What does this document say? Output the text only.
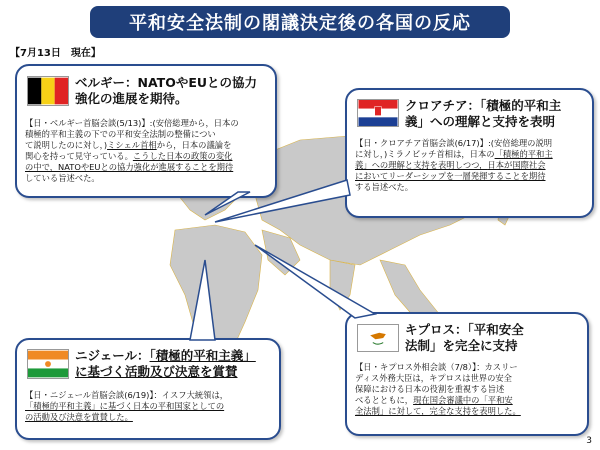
平和安全法制の閣議決定後の各国の反応
【7月13日　現在】
ベルギー：NATOやEUとの協力
強化の進展を期待。
【日・ベルギー首脳会談(5/13)】:(安倍総理から，日本の
積極的平和主義の下での平和安全法制の整備につい
て説明したのに対し，)ミシェル首相から，日本の議論を
関心を持って見守っている。こうした日本の政策の変化
の中で，NATOやEUとの協力強化が進展することを期待
している旨述べた。
クロアチア：「積極的平和主
義」への理解と支持を表明
【日・クロアチア首脳会談(6/17)】:(安倍総理の説明
に対し，)ミラノビッチ首相は，日本の「積極的平和主
義」への理解と支持を表明しつつ，日本が国際社会
においてリーダーシップを一層発揮することを期待
する旨述べた。
ニジェール：「積極的平和主義」
に基づく活動及び決意を賞賛
【日・ニジェール首脳会談(6/19)】：イスフ大統領は，
「積極的平和主義」に基づく日本の平和国家としての
の活動及び決意を賞賛した。
キプロス：「平和安全
法制」を完全に支持
【日・キプロス外相会談（7/8）】：カスリー
ディス外務大臣は，キプロスは世界の安全
保障における日本の役割を重視する旨述
べるとともに，現在国会審議中の「平和安
全法制」に対して，完全な支持を表明した。
3
